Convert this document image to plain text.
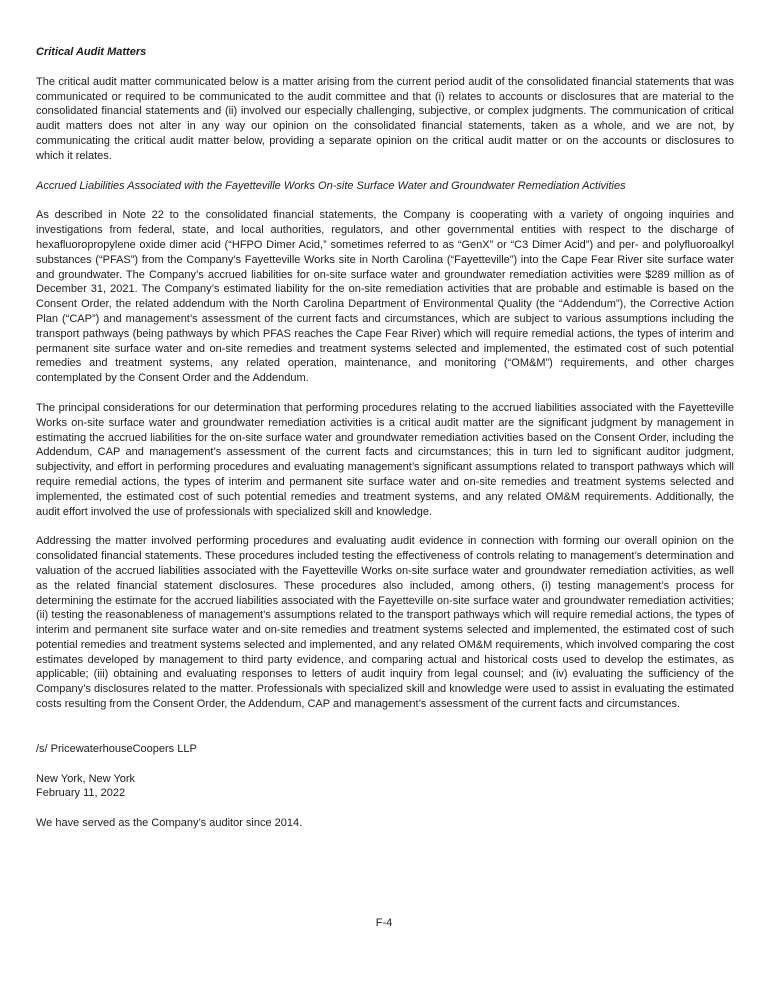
Critical Audit Matters

The critical audit matter communicated below is a matter arising from the current period audit of the consolidated financial statements that was communicated or required to be communicated to the audit committee and that (i) relates to accounts or disclosures that are material to the consolidated financial statements and (ii) involved our especially challenging, subjective, or complex judgments. The communication of critical audit matters does not alter in any way our opinion on the consolidated financial statements, taken as a whole, and we are not, by communicating the critical audit matter below, providing a separate opinion on the critical audit matter or on the accounts or disclosures to which it relates.

Accrued Liabilities Associated with the Fayetteville Works On-site Surface Water and Groundwater Remediation Activities

As described in Note 22 to the consolidated financial statements, the Company is cooperating with a variety of ongoing inquiries and investigations from federal, state, and local authorities, regulators, and other governmental entities with respect to the discharge of hexafluoropropylene oxide dimer acid (“HFPO Dimer Acid,” sometimes referred to as “GenX” or “C3 Dimer Acid”) and per- and polyfluoroalkyl substances (“PFAS”) from the Company’s Fayetteville Works site in North Carolina (“Fayetteville”) into the Cape Fear River site surface water and groundwater. The Company’s accrued liabilities for on-site surface water and groundwater remediation activities were $289 million as of December 31, 2021. The Company’s estimated liability for the on-site remediation activities that are probable and estimable is based on the Consent Order, the related addendum with the North Carolina Department of Environmental Quality (the “Addendum”), the Corrective Action Plan (“CAP”) and management’s assessment of the current facts and circumstances, which are subject to various assumptions including the transport pathways (being pathways by which PFAS reaches the Cape Fear River) which will require remedial actions, the types of interim and permanent site surface water and on-site remedies and treatment systems selected and implemented, the estimated cost of such potential remedies and treatment systems, any related operation, maintenance, and monitoring (“OM&M”) requirements, and other charges contemplated by the Consent Order and the Addendum.

The principal considerations for our determination that performing procedures relating to the accrued liabilities associated with the Fayetteville Works on-site surface water and groundwater remediation activities is a critical audit matter are the significant judgment by management in estimating the accrued liabilities for the on-site surface water and groundwater remediation activities based on the Consent Order, including the Addendum, CAP and management’s assessment of the current facts and circumstances; this in turn led to significant auditor judgment, subjectivity, and effort in performing procedures and evaluating management’s significant assumptions related to transport pathways which will require remedial actions, the types of interim and permanent site surface water and on-site remedies and treatment systems selected and implemented, the estimated cost of such potential remedies and treatment systems, and any related OM&M requirements. Additionally, the audit effort involved the use of professionals with specialized skill and knowledge.

Addressing the matter involved performing procedures and evaluating audit evidence in connection with forming our overall opinion on the consolidated financial statements. These procedures included testing the effectiveness of controls relating to management’s determination and valuation of the accrued liabilities associated with the Fayetteville Works on-site surface water and groundwater remediation activities, as well as the related financial statement disclosures. These procedures also included, among others, (i) testing management’s process for determining the estimate for the accrued liabilities associated with the Fayetteville on-site surface water and groundwater remediation activities; (ii) testing the reasonableness of management’s assumptions related to the transport pathways which will require remedial actions, the types of interim and permanent site surface water and on-site remedies and treatment systems selected and implemented, the estimated cost of such potential remedies and treatment systems selected and implemented, and any related OM&M requirements, which involved comparing the cost estimates developed by management to third party evidence, and comparing actual and historical costs used to develop the estimates, as applicable; (iii) obtaining and evaluating responses to letters of audit inquiry from legal counsel; and (iv) evaluating the sufficiency of the Company’s disclosures related to the matter. Professionals with specialized skill and knowledge were used to assist in evaluating the estimated costs resulting from the Consent Order, the Addendum, CAP and management’s assessment of the current facts and circumstances.

/s/ PricewaterhouseCoopers LLP

New York, New York
February 11, 2022

We have served as the Company’s auditor since 2014.

F-4
